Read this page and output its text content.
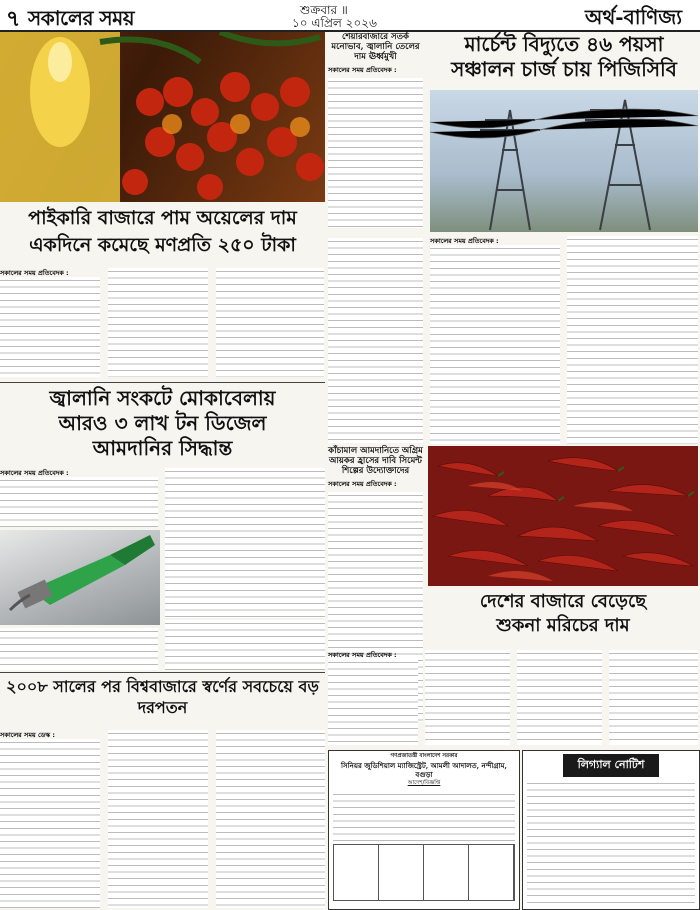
৭ সকালের সময়	শুক্রবার ॥
১০ এপ্রিল ২০২৬	অর্থ-বাণিজ্য
শেয়ারবাজারে সতর্ক মনোভাব, জ্বালানি তেলের দাম ঊর্ধ্বমুখী
সকালের সময় প্রতিবেদক :
মার্চেন্ট বিদ্যুতে ৪৬ পয়সা
সঞ্চালন চার্জ চায় পিজিসিবি
পাইকারি বাজারে পাম অয়েলের দাম
একদিনে কমেছে মণপ্রতি ২৫০ টাকা
সকালের সময় প্রতিবেদক :
সকালের সময় প্রতিবেদক :
জ্বালানি সংকটে মোকাবেলায়
আরও ৩ লাখ টন ডিজেল
আমদানির সিদ্ধান্ত
সকালের সময় প্রতিবেদক :
কাঁচামাল আমদানিতে অগ্রিম আয়কর হ্রাসের দাবি সিমেন্ট শিল্পের উদ্যোক্তাদের
সকালের সময় প্রতিবেদক :
দেশের বাজারে বেড়েছে
শুকনা মরিচের দাম
সকালের সময় প্রতিবেদক :
২০০৮ সালের পর বিশ্ববাজারে স্বর্ণের সবচেয়ে বড় দরপতন
সকালের সময় ডেস্ক :
গণপ্রজাতন্ত্রী বাংলাদেশ সরকার
সিনিয়র জুডিশিয়াল ম্যাজিস্ট্রেট, আমলী আদালত, নন্দীগ্রাম, বগুড়া
আদেশ/বিজ্ঞপ্তি
লিগ্যাল নোটিশ
